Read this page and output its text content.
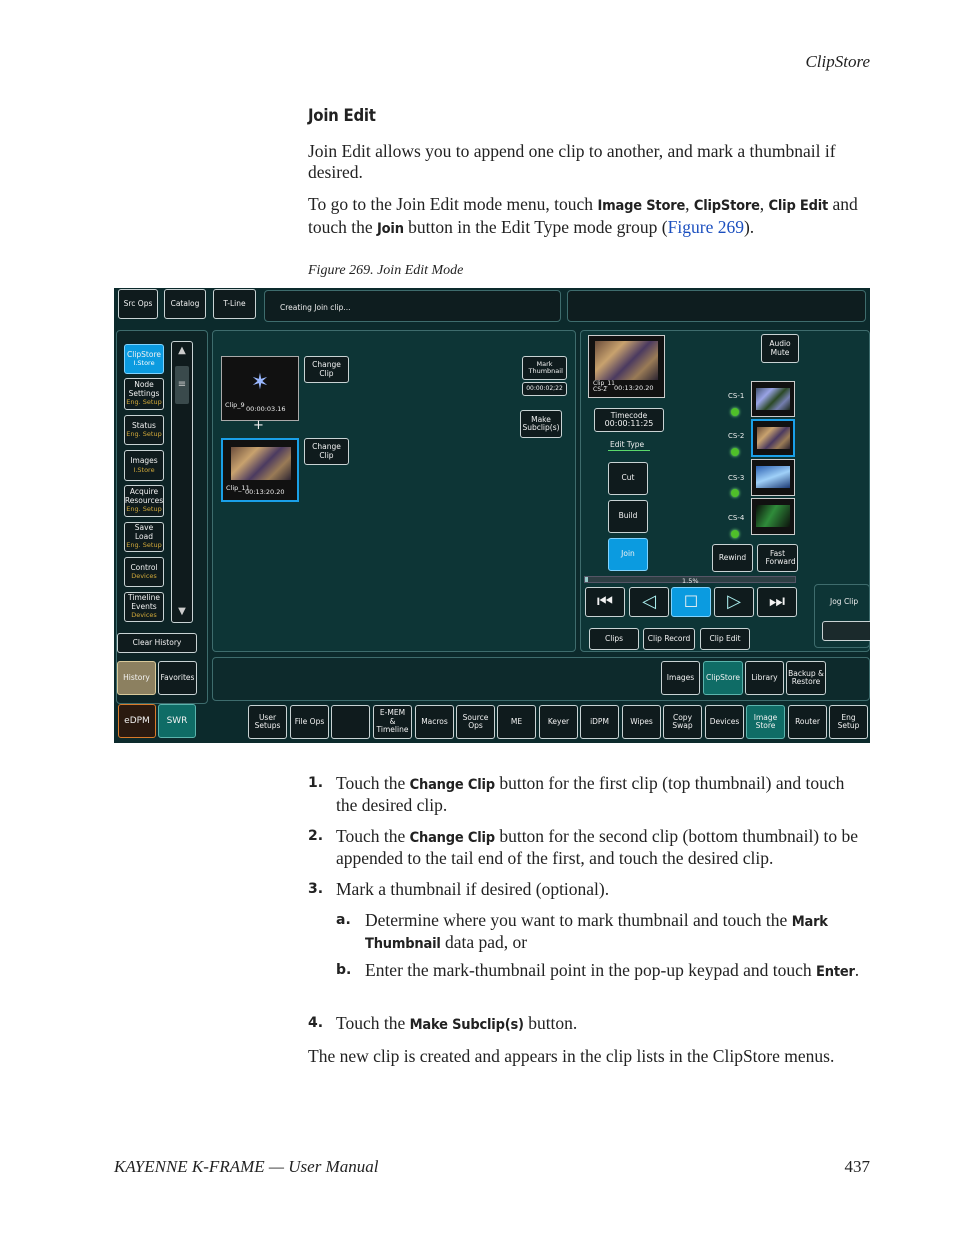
ClipStore
Join Edit
Join Edit allows you to append one clip to another, and mark a thumbnail if desired.
To go to the Join Edit mode menu, touch Image Store, ClipStore, Clip Edit and touch the Join button in the Edit Type mode group (Figure 269).
Figure 269. Join Edit Mode
Src Ops Catalog	T-Line	Creating Join clip...
▲
≡
▼
ClipStore
I.Store
Node Settings
Eng. Setup
Status
Eng. Setup
Images
I.Store
Acquire Resources
Eng. Setup
Save Load
Eng. Setup
Control
Devices
Timeline Events
Devices
Clear History
History Favorites
eDPM SWR
✶
Clip_9 00:00:03.16
+
Clip_11
00:13:20.20
Change Clip
Change Clip
Mark Thumbnail
00:00:02;22
Make Subclip(s)
Clip_11 CS-2	00:13:20.20
Timecode
00:00:11:25
Edit Type
Cut
Build
Join
Audio Mute
CS-1
CS-2
CS-3
CS-4
Rewind	Fast Forward
1.5%
⏮ ◁ ☐ ▷ ⏭	Jog Clip
Clips	Clip Record	Clip Edit
Images ClipStore Library Backup & Restore
User Setups	File Ops
E-MEM & Timeline
Macros	Source Ops	ME	Keyer	iDPM	Wipes	Copy Swap	Devices	Image Store	Router	Eng Setup
1. Touch the Change Clip button for the first clip (top thumbnail) and touch the desired clip.
2. Touch the Change Clip button for the second clip (bottom thumbnail) to be appended to the tail end of the first, and touch the desired clip.
3. Mark a thumbnail if desired (optional).
a. Determine where you want to mark thumbnail and touch the Mark Thumbnail data pad, or
b. Enter the mark-thumbnail point in the pop-up keypad and touch Enter.
4. Touch the Make Subclip(s) button.
The new clip is created and appears in the clip lists in the ClipStore menus.
KAYENNE K-FRAME — User Manual	437
